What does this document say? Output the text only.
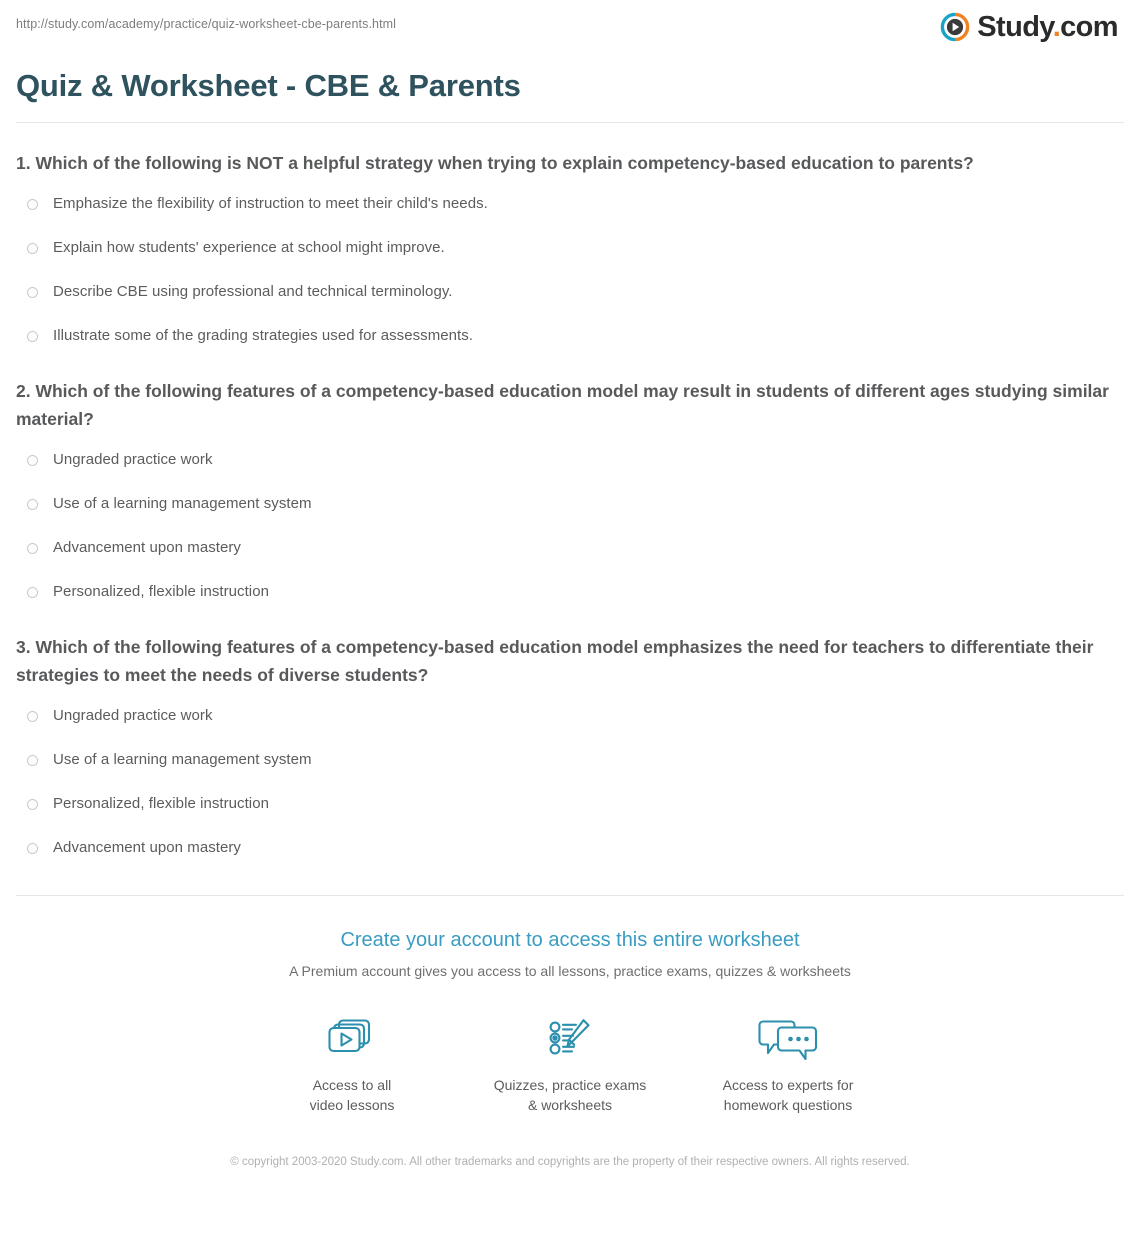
http://study.com/academy/practice/quiz-worksheet-cbe-parents.html	Study.com
Quiz & Worksheet - CBE & Parents

1. Which of the following is NOT a helpful strategy when trying to explain competency-based education to parents?

Emphasize the flexibility of instruction to meet their child's needs.
Explain how students' experience at school might improve.
Describe CBE using professional and technical terminology.
Illustrate some of the grading strategies used for assessments.

2. Which of the following features of a competency-based education model may result in students of different ages studying similar material?

Ungraded practice work
Use of a learning management system
Advancement upon mastery
Personalized, flexible instruction

3. Which of the following features of a competency-based education model emphasizes the need for teachers to differentiate their strategies to meet the needs of diverse students?

Ungraded practice work
Use of a learning management system
Personalized, flexible instruction
Advancement upon mastery
Create your account to access this entire worksheet

A Premium account gives you access to all lessons, practice exams, quizzes & worksheets

Access to all
video lessons
Quizzes, practice exams
& worksheets
Access to experts for
homework questions
© copyright 2003-2020 Study.com. All other trademarks and copyrights are the property of their respective owners. All rights reserved.
